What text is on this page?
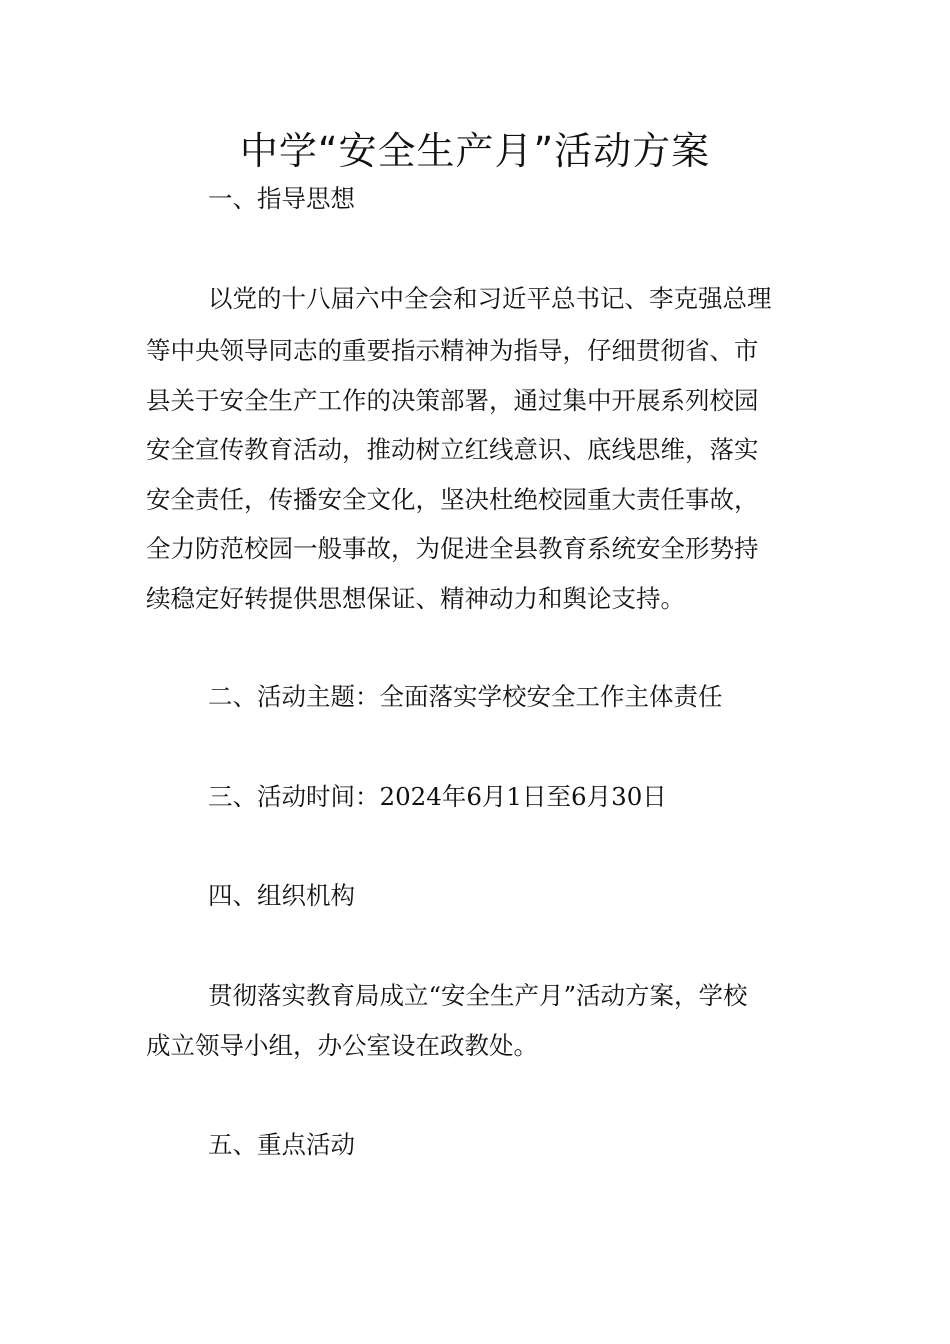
中学“安全生产月”活动方案

一、指导思想

以党的十八届六中全会和习近平总书记、李克强总理

等中央领导同志的重要指示精神为指导，仔细贯彻省、市

县关于安全生产工作的决策部署，通过集中开展系列校园

安全宣传教育活动，推动树立红线意识、底线思维，落实

安全责任，传播安全文化，坚决杜绝校园重大责任事故，

全力防范校园一般事故，为促进全县教育系统安全形势持

续稳定好转提供思想保证、精神动力和舆论支持。

二、活动主题：全面落实学校安全工作主体责任

三、活动时间：2024年6月1日至6月30日

四、组织机构

贯彻落实教育局成立“安全生产月”活动方案，学校

成立领导小组，办公室设在政教处。

五、重点活动
